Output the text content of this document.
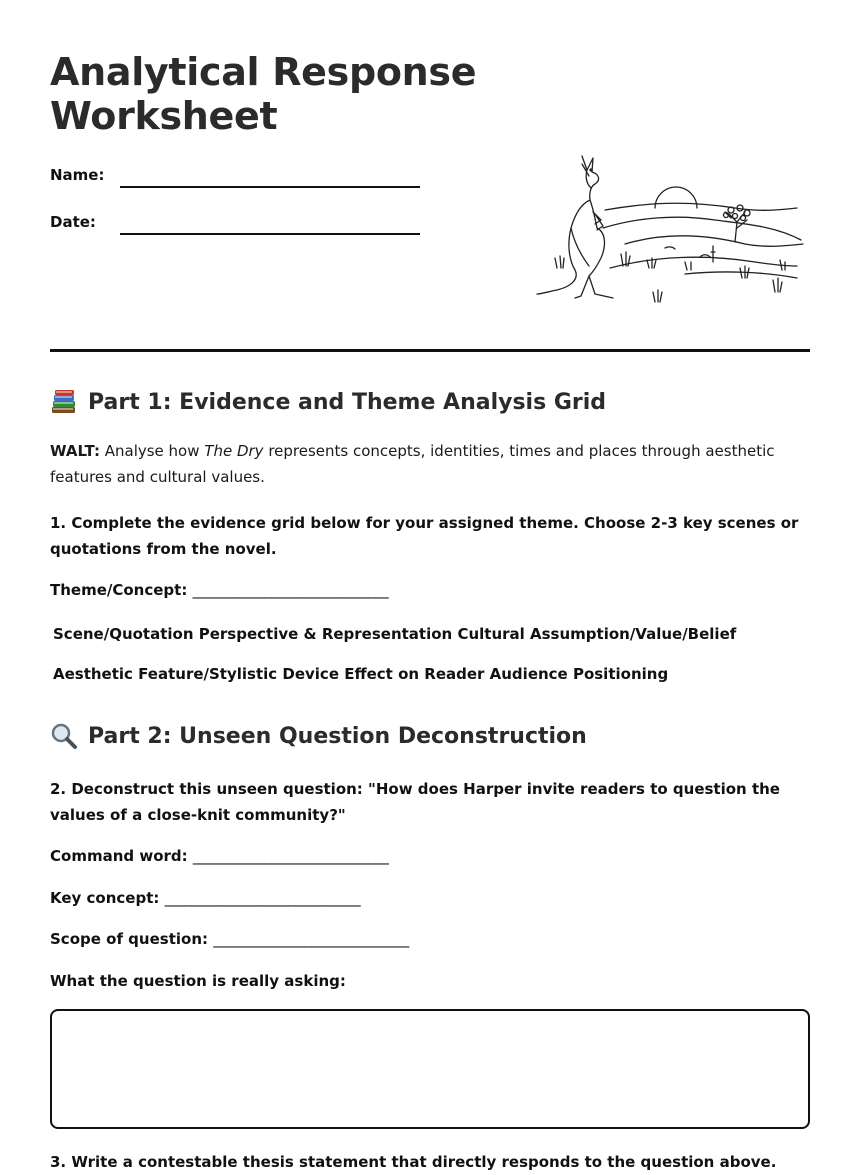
Analytical Response Worksheet
Name:
Date:
Part 1: Evidence and Theme Analysis Grid

WALT: Analyse how The Dry represents concepts, identities, times and places through aesthetic features and cultural values.

1. Complete the evidence grid below for your assigned theme. Choose 2-3 key scenes or quotations from the novel.

Theme/Concept: ______________________________

Scene/Quotation Perspective & Representation Cultural Assumption/Value/Belief

Aesthetic Feature/Stylistic Device Effect on Reader Audience Positioning

Part 2: Unseen Question Deconstruction

2. Deconstruct this unseen question: "How does Harper invite readers to question the values of a close-knit community?"

Command word: ______________________________

Key concept: ______________________________

Scope of question: ______________________________

What the question is really asking:

3. Write a contestable thesis statement that directly responds to the question above.
